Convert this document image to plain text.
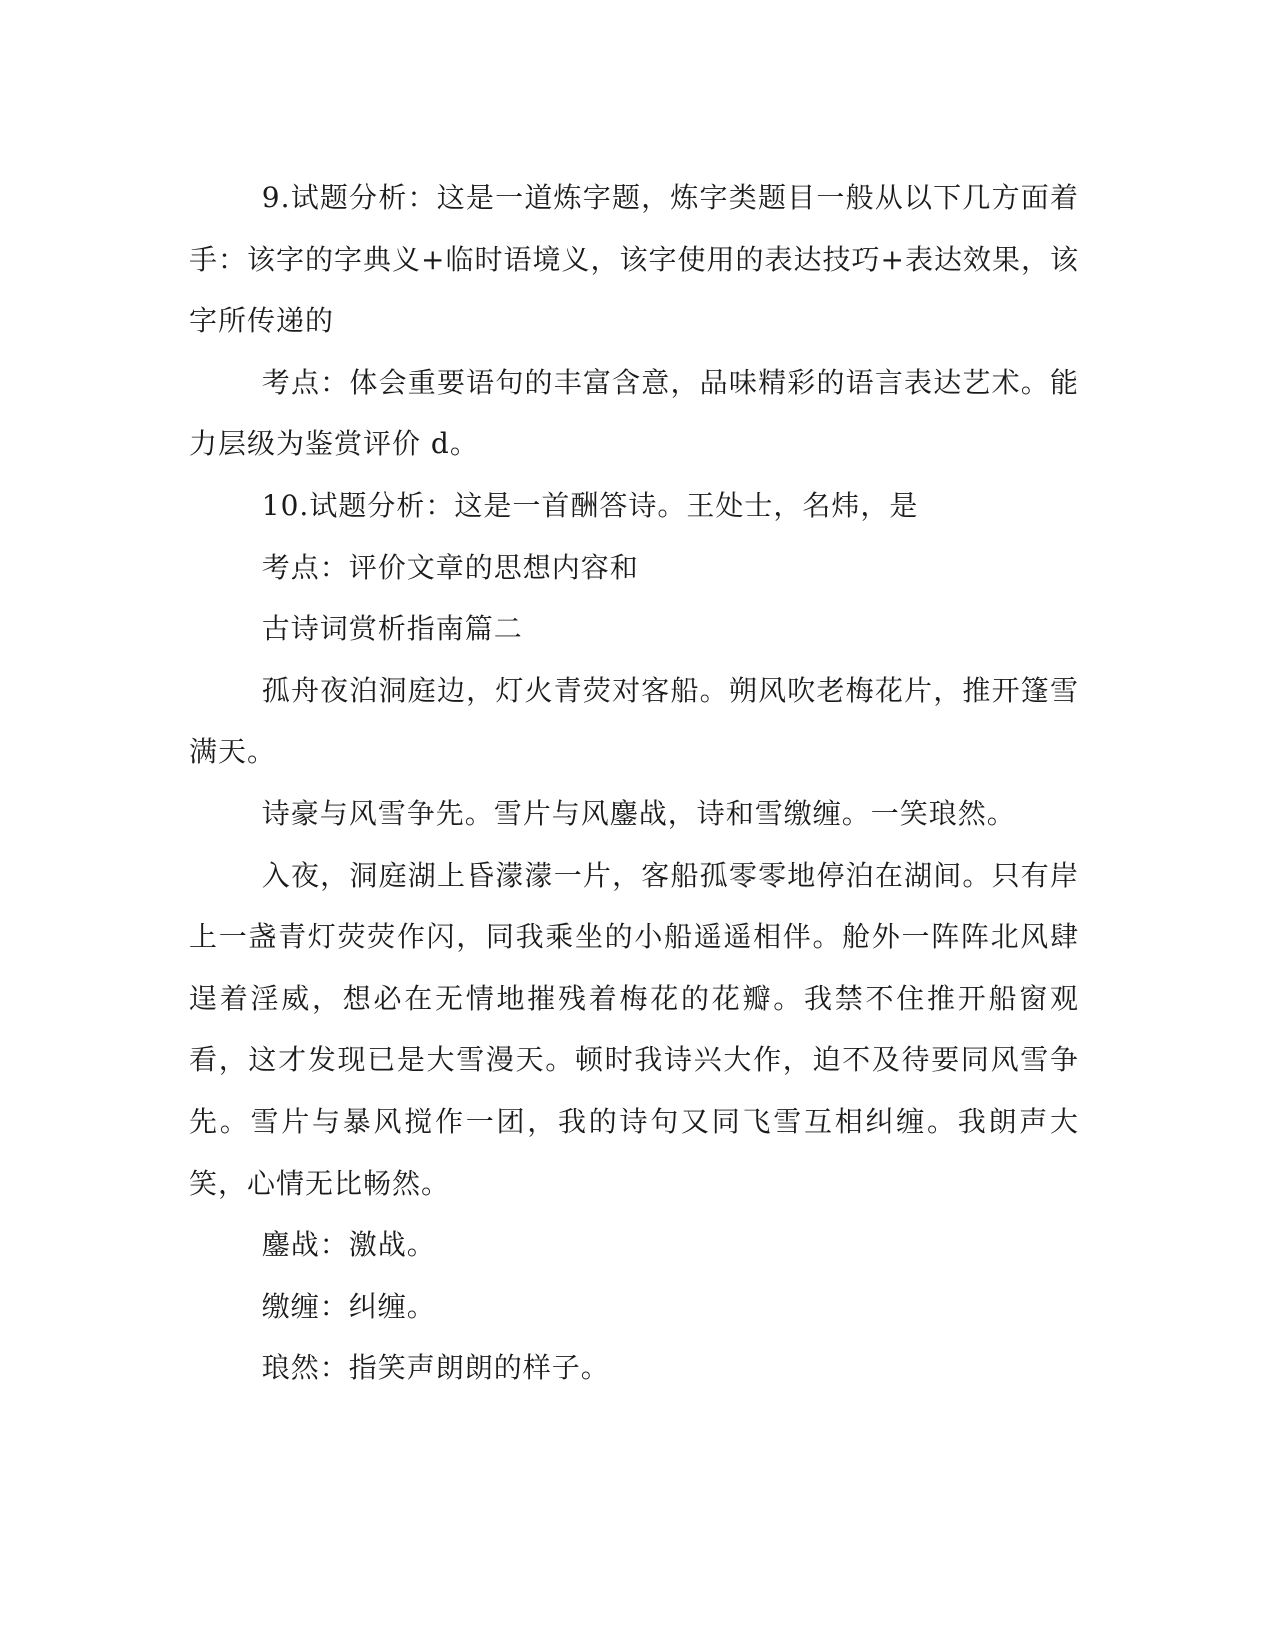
9.试题分析：这是一道炼字题，炼字类题目一般从以下几方面着手：该字的字典义+临时语境义，该字使用的表达技巧+表达效果，该字所传递的

考点：体会重要语句的丰富含意，品味精彩的语言表达艺术。能力层级为鉴赏评价 d。

10.试题分析：这是一首酬答诗。王处士，名炜，是

考点：评价文章的思想内容和

古诗词赏析指南篇二

孤舟夜泊洞庭边，灯火青荧对客船。朔风吹老梅花片，推开篷雪满天。

诗豪与风雪争先。雪片与风鏖战，诗和雪缴缠。一笑琅然。

入夜，洞庭湖上昏濛濛一片，客船孤零零地停泊在湖间。只有岸上一盏青灯荧荧作闪，同我乘坐的小船遥遥相伴。舱外一阵阵北风肆逞着淫威，想必在无情地摧残着梅花的花瓣。我禁不住推开船窗观看，这才发现已是大雪漫天。顿时我诗兴大作，迫不及待要同风雪争先。雪片与暴风搅作一团，我的诗句又同飞雪互相纠缠。我朗声大笑，心情无比畅然。

鏖战：激战。

缴缠：纠缠。

琅然：指笑声朗朗的样子。
